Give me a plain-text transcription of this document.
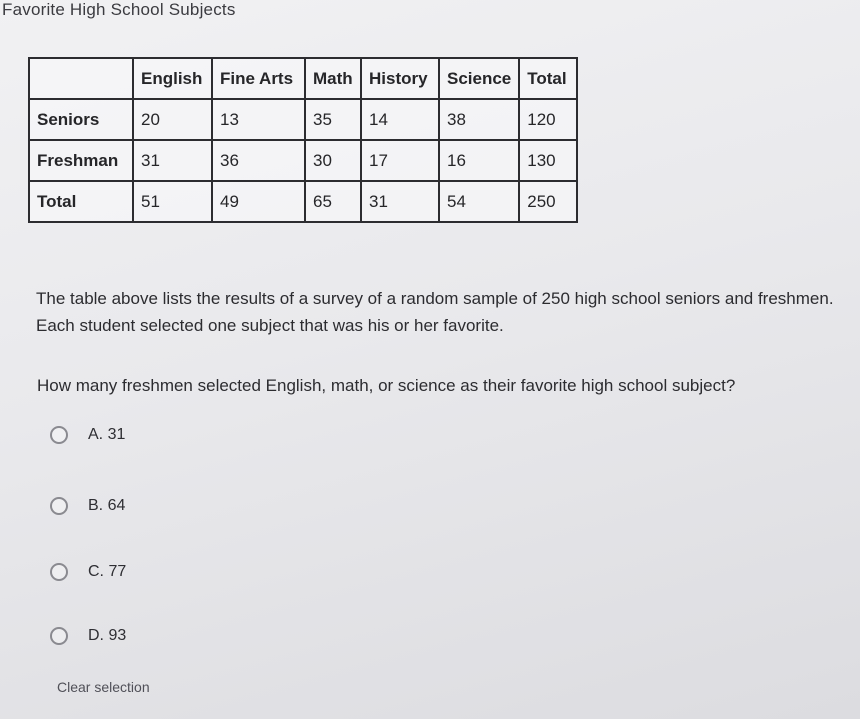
Favorite High School Subjects
	English	Fine Arts	Math	History	Science	Total
Seniors	20	13	35	14	38	120
Freshman	31	36	30	17	16	130
Total	51	49	65	31	54	250
The table above lists the results of a survey of a random sample of 250 high school seniors and freshmen. Each student selected one subject that was his or her favorite.
How many freshmen selected English, math, or science as their favorite high school subject?
A. 31
B. 64
C. 77
D. 93
Clear selection
